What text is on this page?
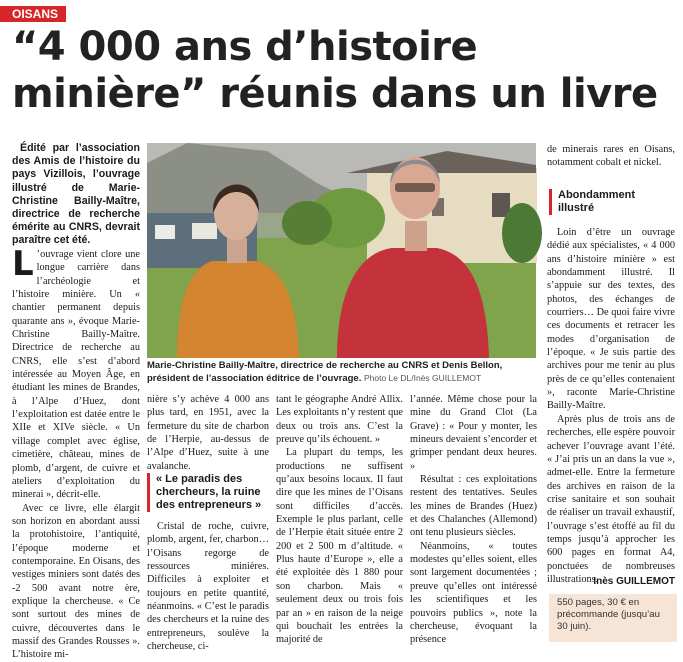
OISANS
“4 000 ans d’histoire minière” réunis dans un livre
Édité par l’association des Amis de l’histoire du pays Vizillois, l’ouvrage illustré de Marie-Christine Bailly-Maître, directrice de recherche émérite au CNRS, devrait paraître cet été.

L ’ouvrage vient clore une longue carrière dans l’archéologie et l’histoire minière. Un « chantier permanent depuis quarante ans », évoque Marie-Christine Bailly-Maître. Directrice de recherche au CNRS, elle s’est d’abord intéressée au Moyen Âge, en étudiant les mines de Brandes, à l’Alpe d’Huez, dont l’exploitation est datée entre le XIIe et XIVe siècle. « Un village complet avec église, cimetière, château, mines de plomb, d’argent, de cuivre et ateliers d’exploitation du minerai », décrit-elle.

Avec ce livre, elle élargit son horizon en abordant aussi la protohistoire, l’antiquité, l’époque moderne et contemporaine. En Oisans, des vestiges miniers sont datés des -2 500 avant notre ère, explique la chercheuse. « Ce sont surtout des mines de cuivre, découvertes dans le massif des Grandes Rousses ». L’histoire mi-

Marie-Christine Bailly-Maître, directrice de recherche au CNRS et Denis Bellon, président de l’association éditrice de l’ouvrage. Photo Le DL/Inès GUILLEMOT

nière s’y achève 4 000 ans plus tard, en 1951, avec la fermeture du site de charbon de l’Herpie, au-dessus de l’Alpe d’Huez, suite à une avalanche.

« Le paradis des chercheurs, la ruine des entrepreneurs »

Cristal de roche, cuivre, plomb, argent, fer, charbon… l’Oisans regorge de ressources minières. Difficiles à exploiter et toujours en petite quantité, néanmoins. « C’est le paradis des chercheurs et la ruine des entrepreneurs, soulève la chercheuse, ci-

tant le géographe André Allix. Les exploitants n’y restent que deux ou trois ans. C’est la preuve qu’ils échouent. »

La plupart du temps, les productions ne suffisent qu’aux besoins locaux. Il faut dire que les mines de l’Oisans sont difficiles d’accès. Exemple le plus parlant, celle de l’Herpie était située entre 2 200 et 2 500 m d’altitude. « Plus haute d’Europe », elle a été exploitée dès 1 880 pour son charbon. Mais « seulement deux ou trois fois par an » en raison de la neige qui bouchait les entrées la majorité de

l’année. Même chose pour la mine du Grand Clot (La Grave) : « Pour y monter, les mineurs devaient s’encorder et grimper pendant deux heures. »

Résultat : ces exploitations restent des tentatives. Seules les mines de Brandes (Huez) et des Chalanches (Allemond) ont tenu plusieurs siècles.

Néanmoins, « toutes modestes qu’elles soient, elles sont largement documentées ; preuve qu’elles ont intéressé les scientifiques et les pouvoirs publics », note la chercheuse, évoquant la présence

de minerais rares en Oisans, notamment cobalt et nickel.

Abondamment illustré

Loin d’être un ouvrage dédié aux spécialistes, « 4 000 ans d’histoire minière » est abondamment illustré. Il s’appuie sur des textes, des photos, des échanges de courriers… De quoi faire vivre ces documents et retracer les modes d’organisation de l’époque. « Je suis partie des archives pour me tenir au plus près de ce qu’elles contenaient », raconte Marie-Christine Bailly-Maître.

Après plus de trois ans de recherches, elle espère pouvoir achever l’ouvrage avant l’été. « J’ai pris un an dans la vue », admet-elle. Entre la fermeture des archives en raison de la crise sanitaire et son souhait de réaliser un travail exhaustif, l’ouvrage s’est étoffé au fil du temps jusqu’à approcher les 600 pages en format A4, ponctuées de nombreuses illustrations.

Inès GUILLEMOT
550 pages, 30 € en précommande (jusqu’au 30 juin).
